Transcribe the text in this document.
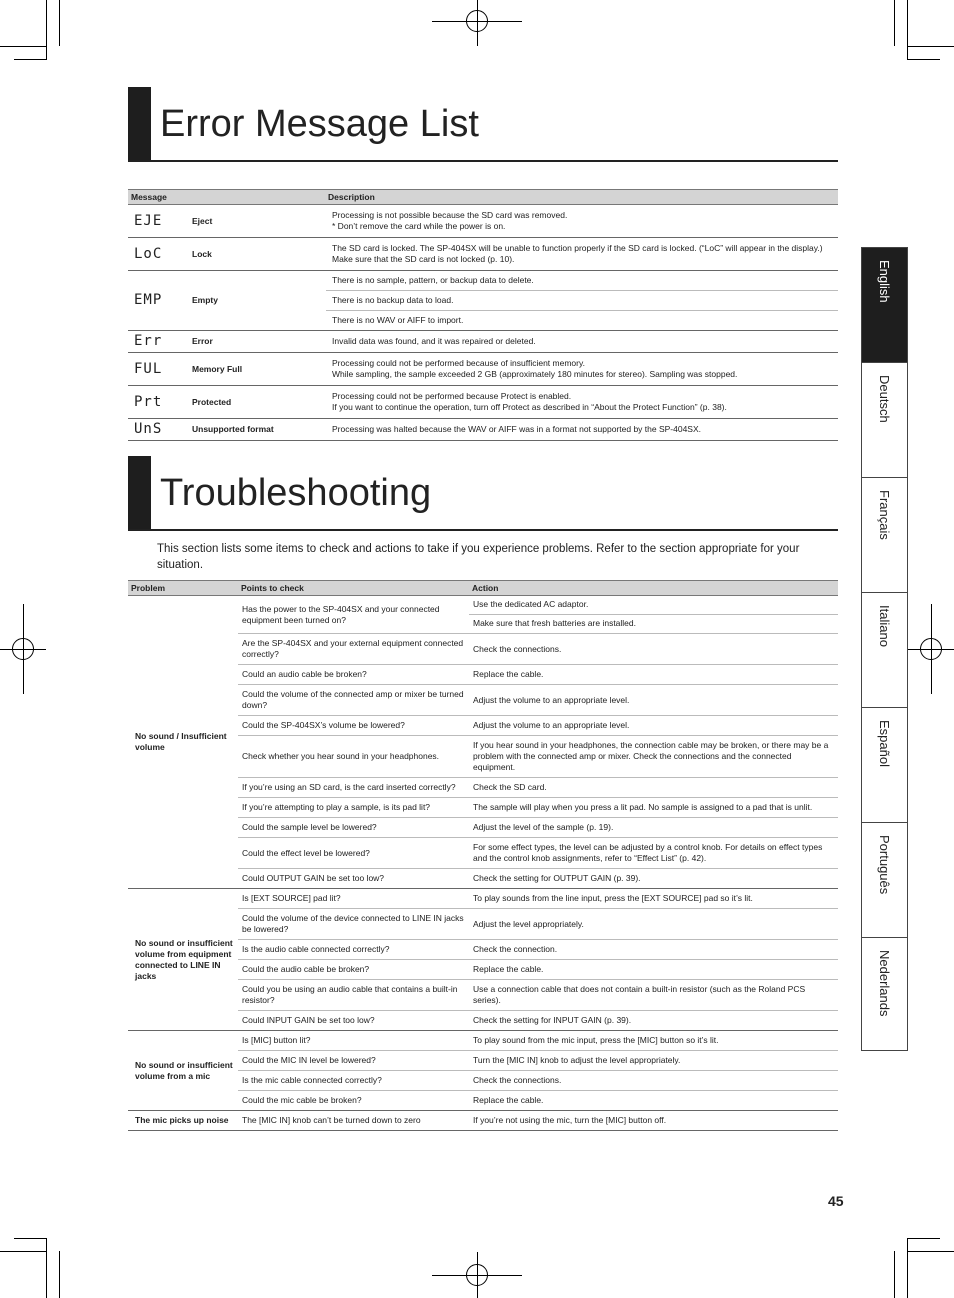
Error Message List
Message		Description
EJE	Eject	Processing is not possible because the SD card was removed.
* Don’t remove the card while the power is on.

LoC	Lock	The SD card is locked. The SP-404SX will be unable to function properly if the SD card is locked. (“LoC” will appear in the display.) Make sure that the SD card is not locked (p. 10).

EMP	Empty	There is no sample, pattern, or backup data to delete.
		There is no backup data to load.
		There is no WAV or AIFF to import.
Err	Error	Invalid data was found, and it was repaired or deleted.

FUL	Memory Full	Processing could not be performed because of insufficient memory.
While sampling, the sample exceeded 2 GB (approximately 180 minutes for stereo). Sampling was stopped.

Prt	Protected	Processing could not be performed because Protect is enabled.
If you want to continue the operation, turn off Protect as described in “About the Protect Function” (p. 38).

UnS	Unsupported format	Processing was halted because the WAV or AIFF was in a format not supported by the SP-404SX.
Troubleshooting
This section lists some items to check and actions to take if you experience problems. Refer to the section appropriate for your situation.
Problem	Points to check	Action
No sound / Insufficient volume	Has the power to the SP-404SX and your connected equipment been turned on?	Use the dedicated AC adaptor.
Make sure that fresh batteries are installed.

	Are the SP-404SX and your external equipment connected correctly?	Check the connections.
	Could an audio cable be broken?	Replace the cable.
	Could the volume of the connected amp or mixer be turned down?	Adjust the volume to an appropriate level.
	Could the SP-404SX’s volume be lowered?	Adjust the volume to an appropriate level.
	Check whether you hear sound in your headphones.	If you hear sound in your headphones, the connection cable may be broken, or there may be a problem with the connected amp or mixer. Check the connections and the connected equipment.
	If you’re using an SD card, is the card inserted correctly?	Check the SD card.
	If you’re attempting to play a sample, is its pad lit?	The sample will play when you press a lit pad. No sample is assigned to a pad that is unlit.
	Could the sample level be lowered?	Adjust the level of the sample (p. 19).
	Could the effect level be lowered?	For some effect types, the level can be adjusted by a control knob. For details on effect types and the control knob assignments, refer to “Effect List” (p. 42).
	Could OUTPUT GAIN be set too low?	Check the setting for OUTPUT GAIN (p. 39).
No sound or insufficient volume from equipment connected to LINE IN jacks	Is [EXT SOURCE] pad lit?	To play sounds from the line input, press the [EXT SOURCE] pad so it’s lit.
	Could the volume of the device connected to LINE IN jacks be lowered?	Adjust the level appropriately.
	Is the audio cable connected correctly?	Check the connection.
	Could the audio cable be broken?	Replace the cable.
	Could you be using an audio cable that contains a built-in resistor?	Use a connection cable that does not contain a built-in resistor (such as the Roland PCS series).
	Could INPUT GAIN be set too low?	Check the setting for INPUT GAIN (p. 39).
No sound or insufficient volume from a mic	Is [MIC] button lit?	To play sound from the mic input, press the [MIC] button so it’s lit.
	Could the MIC IN level be lowered?	Turn the [MIC IN] knob to adjust the level appropriately.
	Is the mic cable connected correctly?	Check the connections.
	Could the mic cable be broken?	Replace the cable.
The mic picks up noise	The [MIC IN] knob can’t be turned down to zero	If you’re not using the mic, turn the [MIC] button off.
English
Deutsch
Français
Italiano
Español
Português
Nederlands
45
